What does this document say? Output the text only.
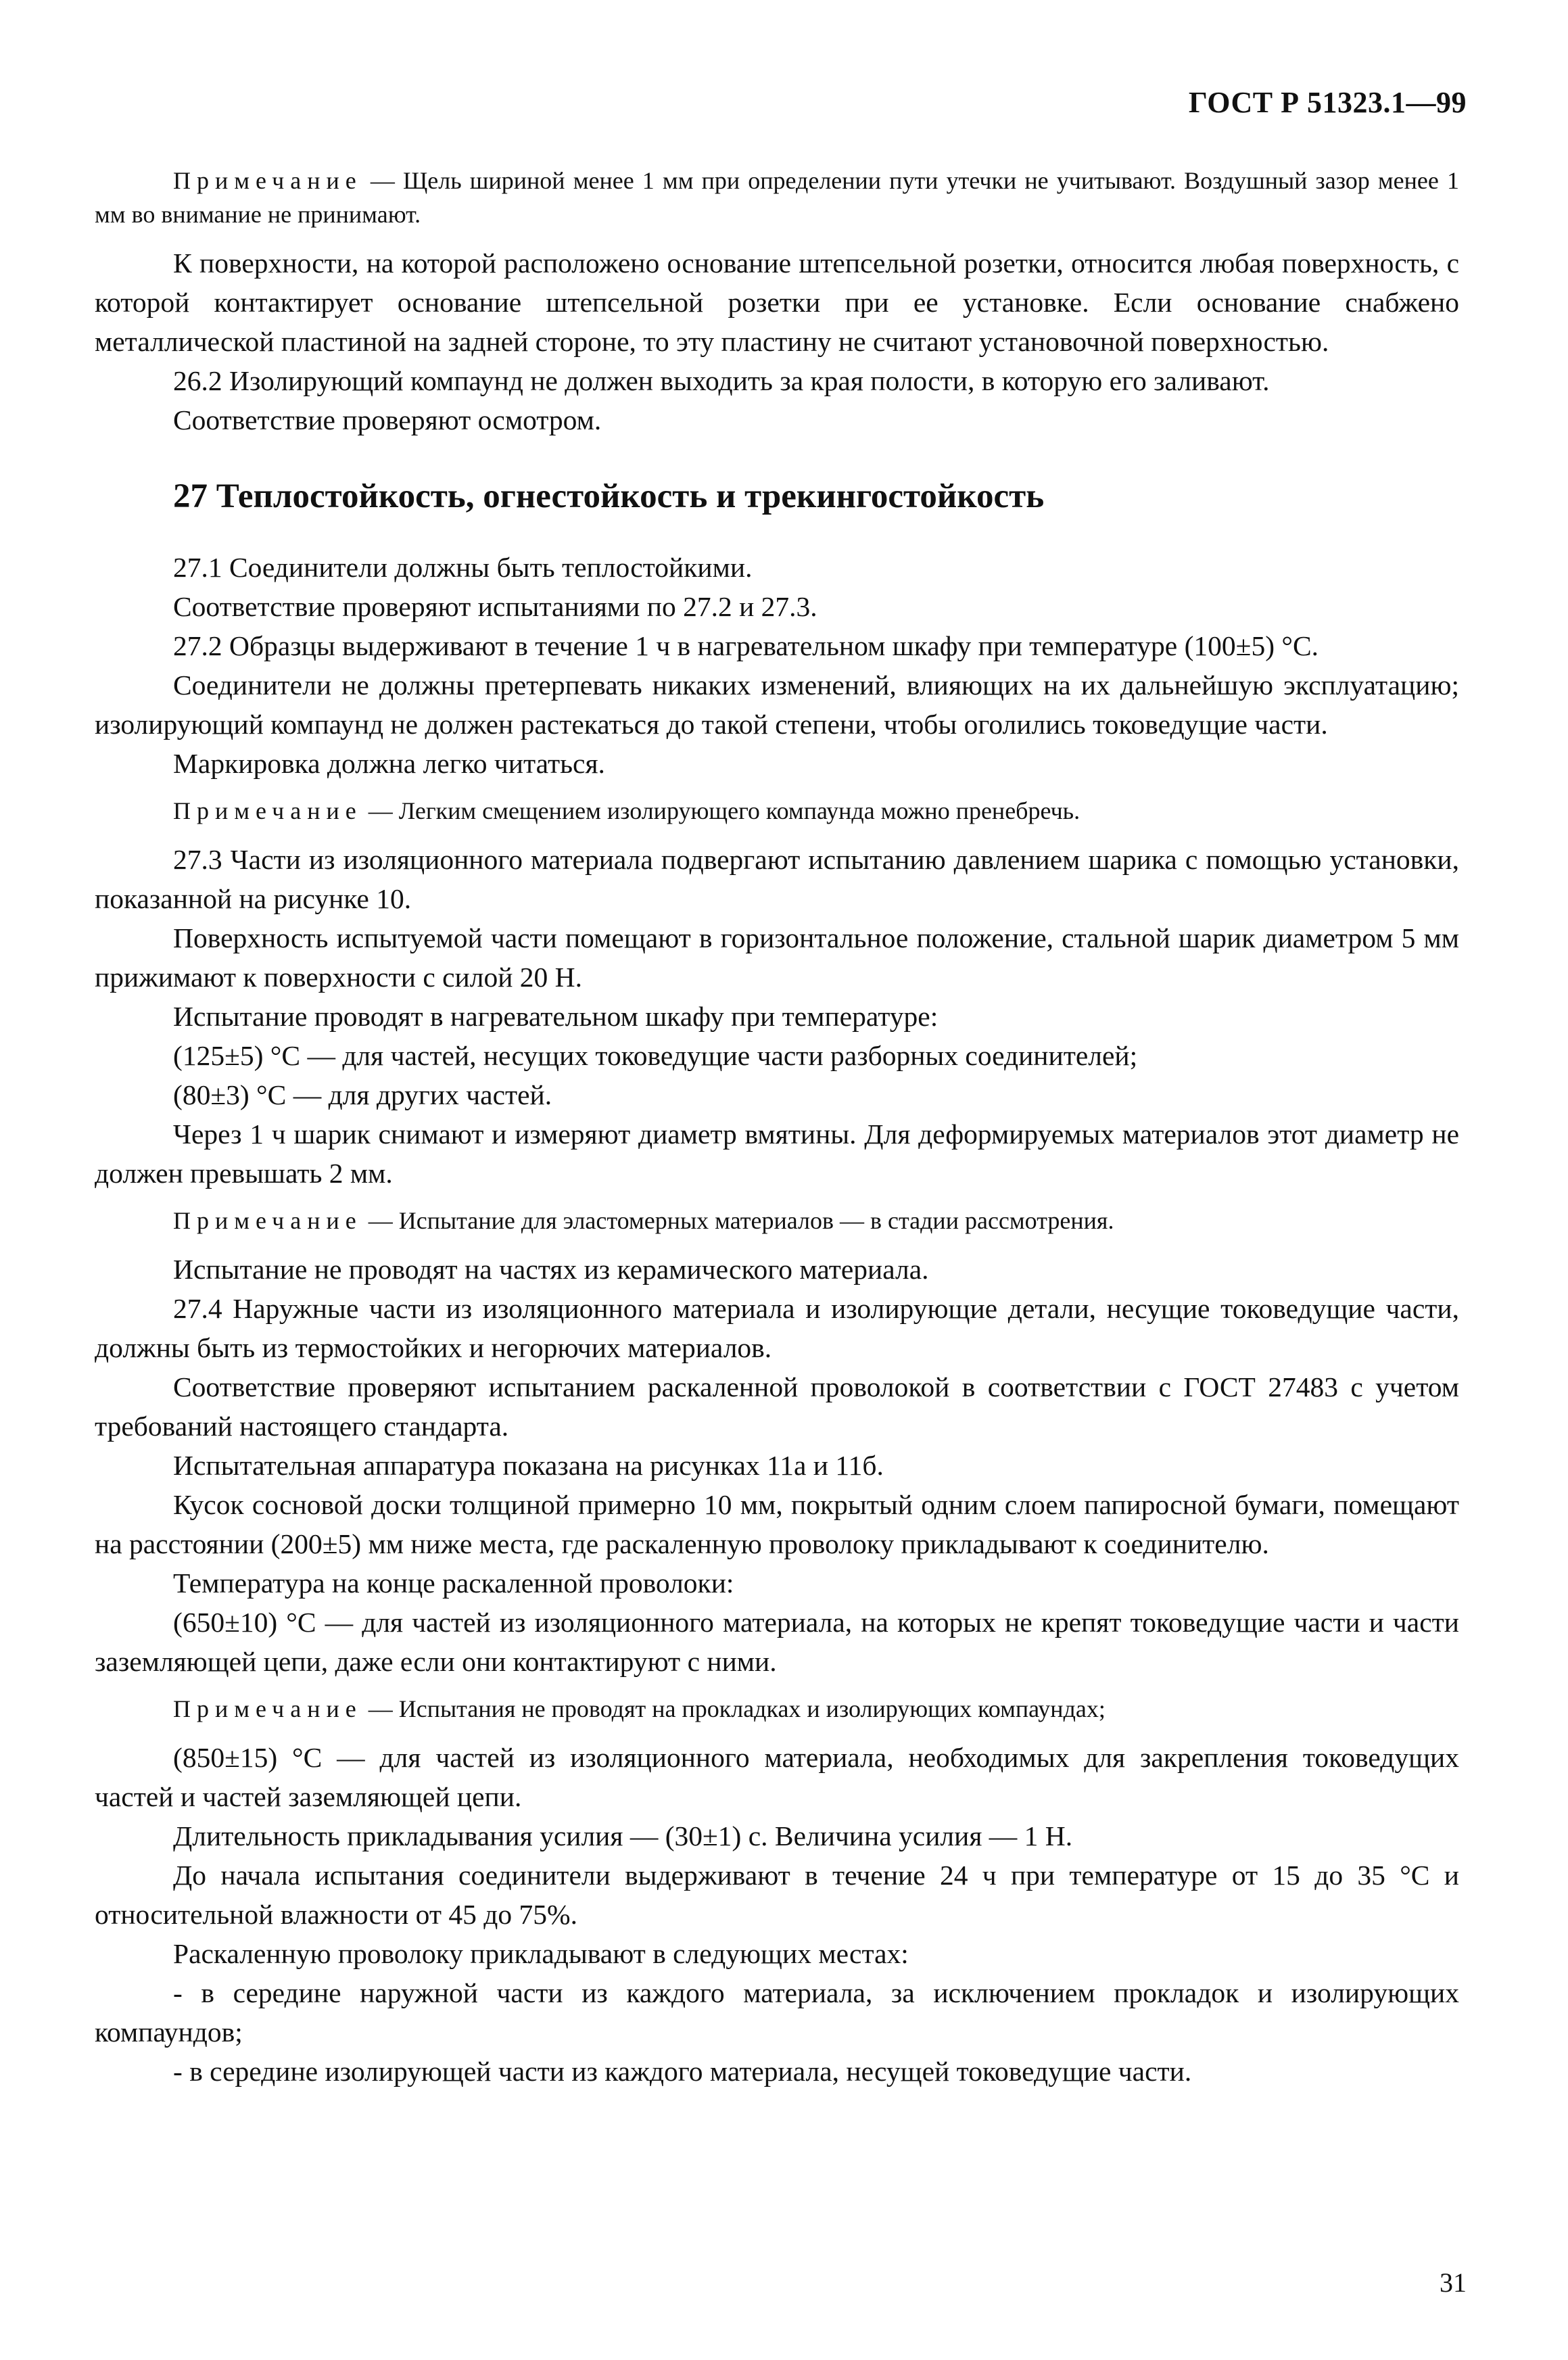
ГОСТ Р 51323.1—99

Примечание — Щель шириной менее 1 мм при определении пути утечки не учитывают. Воздушный зазор менее 1 мм во внимание не принимают.

К поверхности, на которой расположено основание штепсельной розетки, относится любая поверхность, с которой контактирует основание штепсельной розетки при ее установке. Если основание снабжено металлической пластиной на задней стороне, то эту пластину не считают установочной поверхностью.

26.2 Изолирующий компаунд не должен выходить за края полости, в которую его заливают.

Соответствие проверяют осмотром.

27 Теплостойкость, огнестойкость и трекингостойкость

27.1 Соединители должны быть теплостойкими.

Соответствие проверяют испытаниями по 27.2 и 27.3.

27.2 Образцы выдерживают в течение 1 ч в нагревательном шкафу при температуре (100±5) °С.

Соединители не должны претерпевать никаких изменений, влияющих на их дальнейшую эксплуатацию; изолирующий компаунд не должен растекаться до такой степени, чтобы оголились токоведущие части.

Маркировка должна легко читаться.

Примечание — Легким смещением изолирующего компаунда можно пренебречь.

27.3 Части из изоляционного материала подвергают испытанию давлением шарика с помощью установки, показанной на рисунке 10.

Поверхность испытуемой части помещают в горизонтальное положение, стальной шарик диаметром 5 мм прижимают к поверхности с силой 20 Н.

Испытание проводят в нагревательном шкафу при температуре:

(125±5) °С — для частей, несущих токоведущие части разборных соединителей;

(80±3) °С — для других частей.

Через 1 ч шарик снимают и измеряют диаметр вмятины. Для деформируемых материалов этот диаметр не должен превышать 2 мм.

Примечание — Испытание для эластомерных материалов — в стадии рассмотрения.

Испытание не проводят на частях из керамического материала.

27.4 Наружные части из изоляционного материала и изолирующие детали, несущие токоведущие части, должны быть из термостойких и негорючих материалов.

Соответствие проверяют испытанием раскаленной проволокой в соответствии с ГОСТ 27483 с учетом требований настоящего стандарта.

Испытательная аппаратура показана на рисунках 11а и 11б.

Кусок сосновой доски толщиной примерно 10 мм, покрытый одним слоем папиросной бумаги, помещают на расстоянии (200±5) мм ниже места, где раскаленную проволоку прикладывают к соединителю.

Температура на конце раскаленной проволоки:

(650±10) °С — для частей из изоляционного материала, на которых не крепят токоведущие части и части заземляющей цепи, даже если они контактируют с ними.

Примечание — Испытания не проводят на прокладках и изолирующих компаундах;

(850±15) °С — для частей из изоляционного материала, необходимых для закрепления токоведущих частей и частей заземляющей цепи.

Длительность прикладывания усилия — (30±1) с. Величина усилия — 1 Н.

До начала испытания соединители выдерживают в течение 24 ч при температуре от 15 до 35 °С и относительной влажности от 45 до 75%.

Раскаленную проволоку прикладывают в следующих местах:

- в середине наружной части из каждого материала, за исключением прокладок и изолирующих компаундов;

- в середине изолирующей части из каждого материала, несущей токоведущие части.

31
